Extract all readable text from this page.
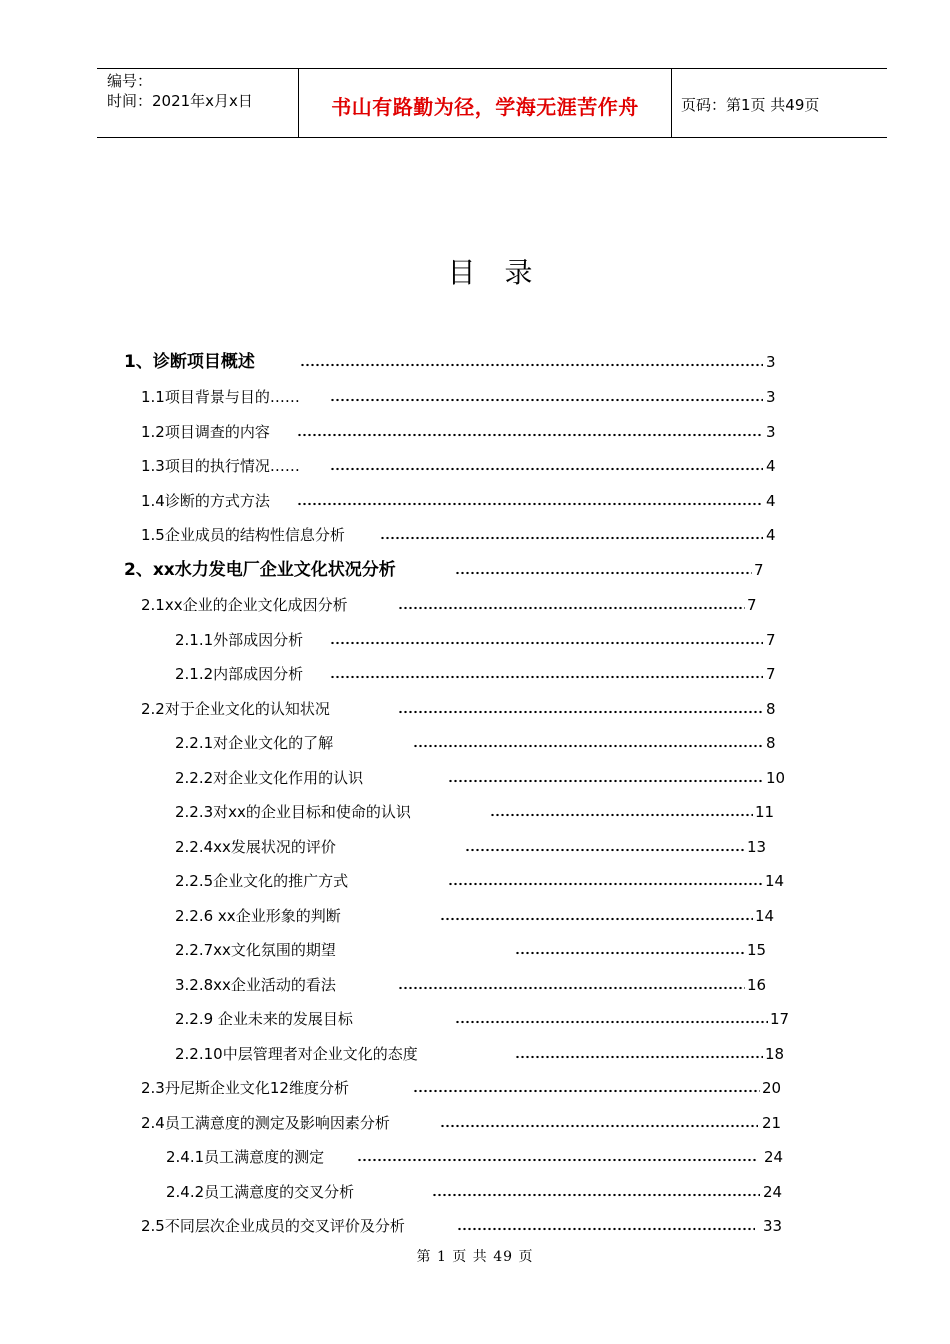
编号：
时间：2021年x月x日	书山有路勤为径，学海无涯苦作舟	页码：第1页 共49页
目 录
1、诊断项目概述	3
1.1项目背景与目的……	3
1.2项目调查的内容	3
1.3项目的执行情况……	4
1.4诊断的方式方法	4
1.5企业成员的结构性信息分析	4
2、xx水力发电厂企业文化状况分析	7
2.1xx企业的企业文化成因分析	7
2.1.1外部成因分析	7
2.1.2内部成因分析	7
2.2对于企业文化的认知状况	8
2.2.1对企业文化的了解	8
2.2.2对企业文化作用的认识	10
2.2.3对xx的企业目标和使命的认识	11
2.2.4xx发展状况的评价	13
2.2.5企业文化的推广方式	14
2.2.6 xx企业形象的判断	14
2.2.7xx文化氛围的期望	15
3.2.8xx企业活动的看法	16
2.2.9 企业未来的发展目标	17
2.2.10中层管理者对企业文化的态度	18
2.3丹尼斯企业文化12维度分析	20
2.4员工满意度的测定及影响因素分析	21
2.4.1员工满意度的测定	24
2.4.2员工满意度的交叉分析	24
2.5不同层次企业成员的交叉评价及分析	33
第 1 页 共 49 页
